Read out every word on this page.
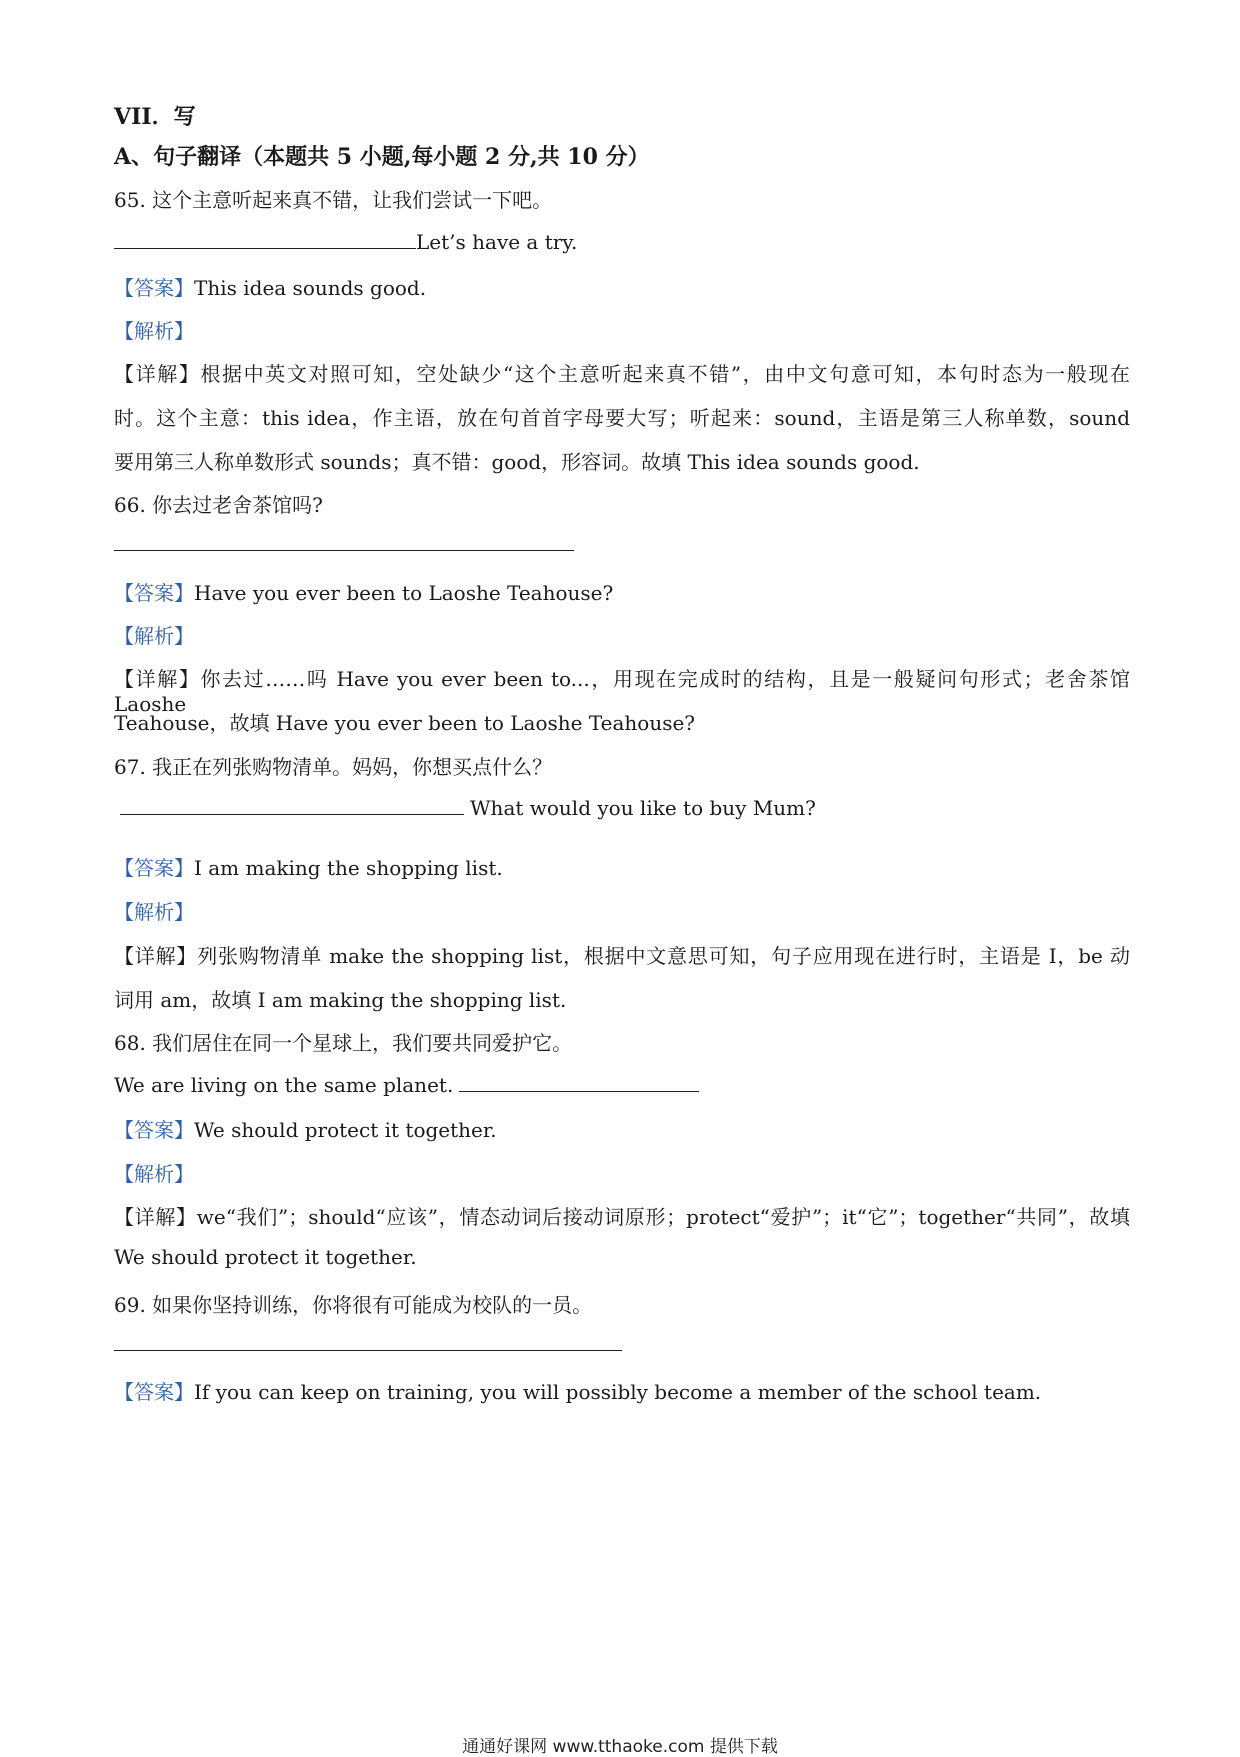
VII．写
A、句子翻译（本题共 5 小题,每小题 2 分,共 10 分）
65. 这个主意听起来真不错，让我们尝试一下吧。
Let’s have a try.
【答案】This idea sounds good.
【解析】
【详解】根据中英文对照可知，空处缺少“这个主意听起来真不错”，由中文句意可知，本句时态为一般现在
时。这个主意：this idea，作主语，放在句首首字母要大写；听起来：sound，主语是第三人称单数，sound
要用第三人称单数形式 sounds；真不错：good，形容词。故填 This idea sounds good.
66. 你去过老舍茶馆吗?
【答案】Have you ever been to Laoshe Teahouse?
【解析】
【详解】你去过……吗 Have you ever been to...，用现在完成时的结构，且是一般疑问句形式；老舍茶馆 Laoshe
Teahouse，故填 Have you ever been to Laoshe Teahouse?
67. 我正在列张购物清单。妈妈，你想买点什么？
What would you like to buy Mum?
【答案】I am making the shopping list.
【解析】
【详解】列张购物清单 make the shopping list，根据中文意思可知，句子应用现在进行时，主语是 I，be 动
词用 am，故填 I am making the shopping list.
68. 我们居住在同一个星球上，我们要共同爱护它。
We are living on the same planet.
【答案】We should protect it together.
【解析】
【详解】we“我们”；should“应该”，情态动词后接动词原形；protect“爱护”；it“它”；together“共同”，故填
We should protect it together.
69. 如果你坚持训练，你将很有可能成为校队的一员。
【答案】If you can keep on training, you will possibly become a member of the school team.
通通好课网 www.tthaoke.com 提供下载
